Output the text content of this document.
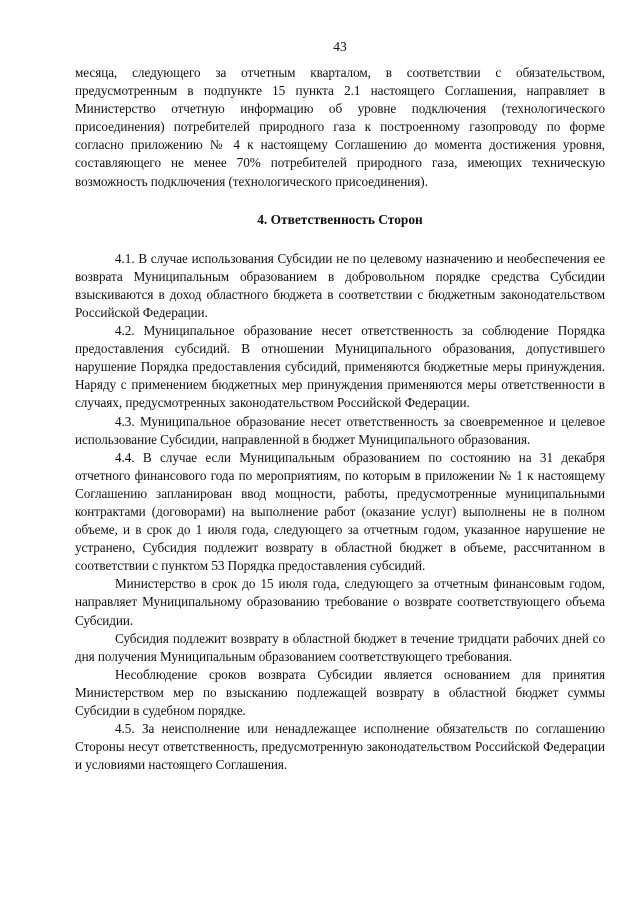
43

месяца, следующего за отчетным кварталом, в соответствии с обязательством, предусмотренным в подпункте 15 пункта 2.1 настоящего Соглашения, направляет в Министерство отчетную информацию об уровне подключения (технологического присоединения) потребителей природного газа к построенному газопроводу по форме согласно приложению № 4 к настоящему Соглашению до момента достижения уровня, составляющего не менее 70% потребителей природного газа, имеющих техническую возможность подключения (технологического присоединения).

4. Ответственность Сторон

4.1. В случае использования Субсидии не по целевому назначению и необеспечения ее возврата Муниципальным образованием в добровольном порядке средства Субсидии взыскиваются в доход областного бюджета в соответствии с бюджетным законодательством Российской Федерации.

4.2. Муниципальное образование несет ответственность за соблюдение Порядка предоставления субсидий. В отношении Муниципального образования, допустившего нарушение Порядка предоставления субсидий, применяются бюджетные меры принуждения. Наряду с применением бюджетных мер принуждения применяются меры ответственности в случаях, предусмотренных законодательством Российской Федерации.

4.3. Муниципальное образование несет ответственность за своевременное и целевое использование Субсидии, направленной в бюджет Муниципального образования.

4.4. В случае если Муниципальным образованием по состоянию на 31 декабря отчетного финансового года по мероприятиям, по которым в приложении № 1 к настоящему Соглашению запланирован ввод мощности, работы, предусмотренные муниципальными контрактами (договорами) на выполнение работ (оказание услуг) выполнены не в полном объеме, и в срок до 1 июля года, следующего за отчетным годом, указанное нарушение не устранено, Субсидия подлежит возврату в областной бюджет в объеме, рассчитанном в соответствии с пунктом 53 Порядка предоставления субсидий.

Министерство в срок до 15 июля года, следующего за отчетным финансовым годом, направляет Муниципальному образованию требование о возврате соответствующего объема Субсидии.

Субсидия подлежит возврату в областной бюджет в течение тридцати рабочих дней со дня получения Муниципальным образованием соответствующего требования.

Несоблюдение сроков возврата Субсидии является основанием для принятия Министерством мер по взысканию подлежащей возврату в областной бюджет суммы Субсидии в судебном порядке.

4.5. За неисполнение или ненадлежащее исполнение обязательств по соглашению Стороны несут ответственность, предусмотренную законодательством Российской Федерации и условиями настоящего Соглашения.
